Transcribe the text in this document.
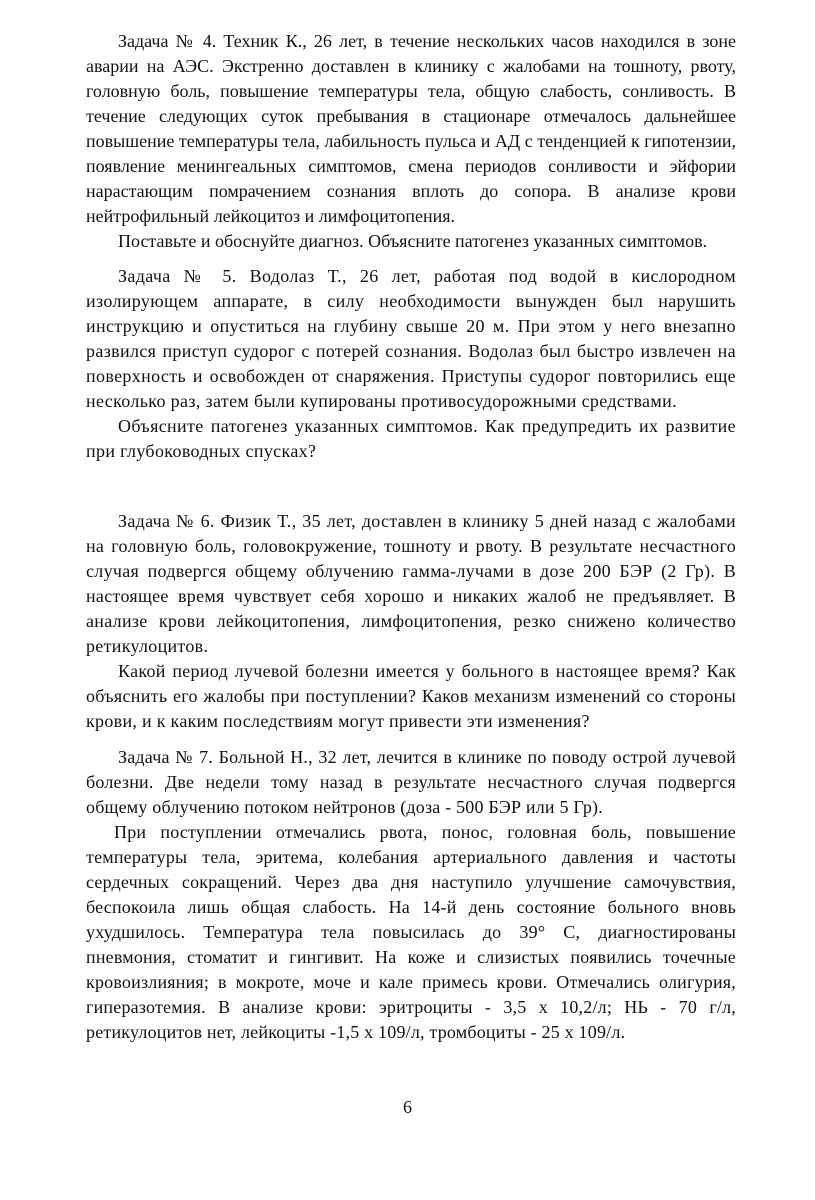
Задача № 4. Техник К., 26 лет, в течение нескольких часов находился в зоне аварии на АЭС. Экстренно доставлен в клинику с жалобами на тошноту, рвоту, головную боль, повышение температуры тела, общую слабость, сонливость. В течение следующих суток пребывания в стационаре отмечалось дальнейшее повышение температуры тела, лабильность пульса и АД с тенденцией к гипотензии, появление менингеальных симптомов, смена периодов сонливости и эйфории нарастающим помрачением сознания вплоть до сопора. В анализе крови нейтрофильный лейкоцитоз и лимфоцитопения.

Поставьте и обоснуйте диагноз. Объясните патогенез указанных симптомов.

Задача № 5. Водолаз Т., 26 лет, работая под водой в кислородном изолирующем аппарате, в силу необходимости вынужден был нарушить инструкцию и опуститься на глубину свыше 20 м. При этом у него внезапно развился приступ судорог с потерей сознания. Водолаз был быстро извлечен на поверхность и освобожден от снаряжения. Приступы судорог повторились еще несколько раз, затем были купированы противосудорожными средствами.

Объясните патогенез указанных симптомов. Как предупредить их развитие при глубоководных спусках?

Задача № 6. Физик Т., 35 лет, доставлен в клинику 5 дней назад с жалобами на головную боль, головокружение, тошноту и рвоту. В результате несчастного случая подвергся общему облучению гамма-лучами в дозе 200 БЭР (2 Гр). В настоящее время чувствует себя хорошо и никаких жалоб не предъявляет. В анализе крови лейкоцитопения, лимфоцитопения, резко снижено количество ретикулоцитов.

Какой период лучевой болезни имеется у больного в настоящее время? Как объяснить его жалобы при поступлении? Каков механизм изменений со стороны крови, и к каким последствиям могут привести эти изменения?

Задача № 7. Больной Н., 32 лет, лечится в клинике по поводу острой лучевой болезни. Две недели тому назад в результате несчастного случая подвергся общему облучению потоком нейтронов (доза - 500 БЭР или 5 Гр).

При поступлении отмечались рвота, понос, головная боль, повышение температуры тела, эритема, колебания артериального давления и частоты сердечных сокращений. Через два дня наступило улучшение самочувствия, беспокоила лишь общая слабость. На 14-й день состояние больного вновь ухудшилось. Температура тела повысилась до 39° С, диагностированы пневмония, стоматит и гингивит. На коже и слизистых появились точечные кровоизлияния; в мокроте, моче и кале примесь крови. Отмечались олигурия, гиперазотемия. В анализе крови: эритроциты - 3,5 х 10,2/л; НЬ - 70 г/л, ретикулоцитов нет, лейкоциты -1,5 х 109/л, тромбоциты - 25 х 109/л.

6
